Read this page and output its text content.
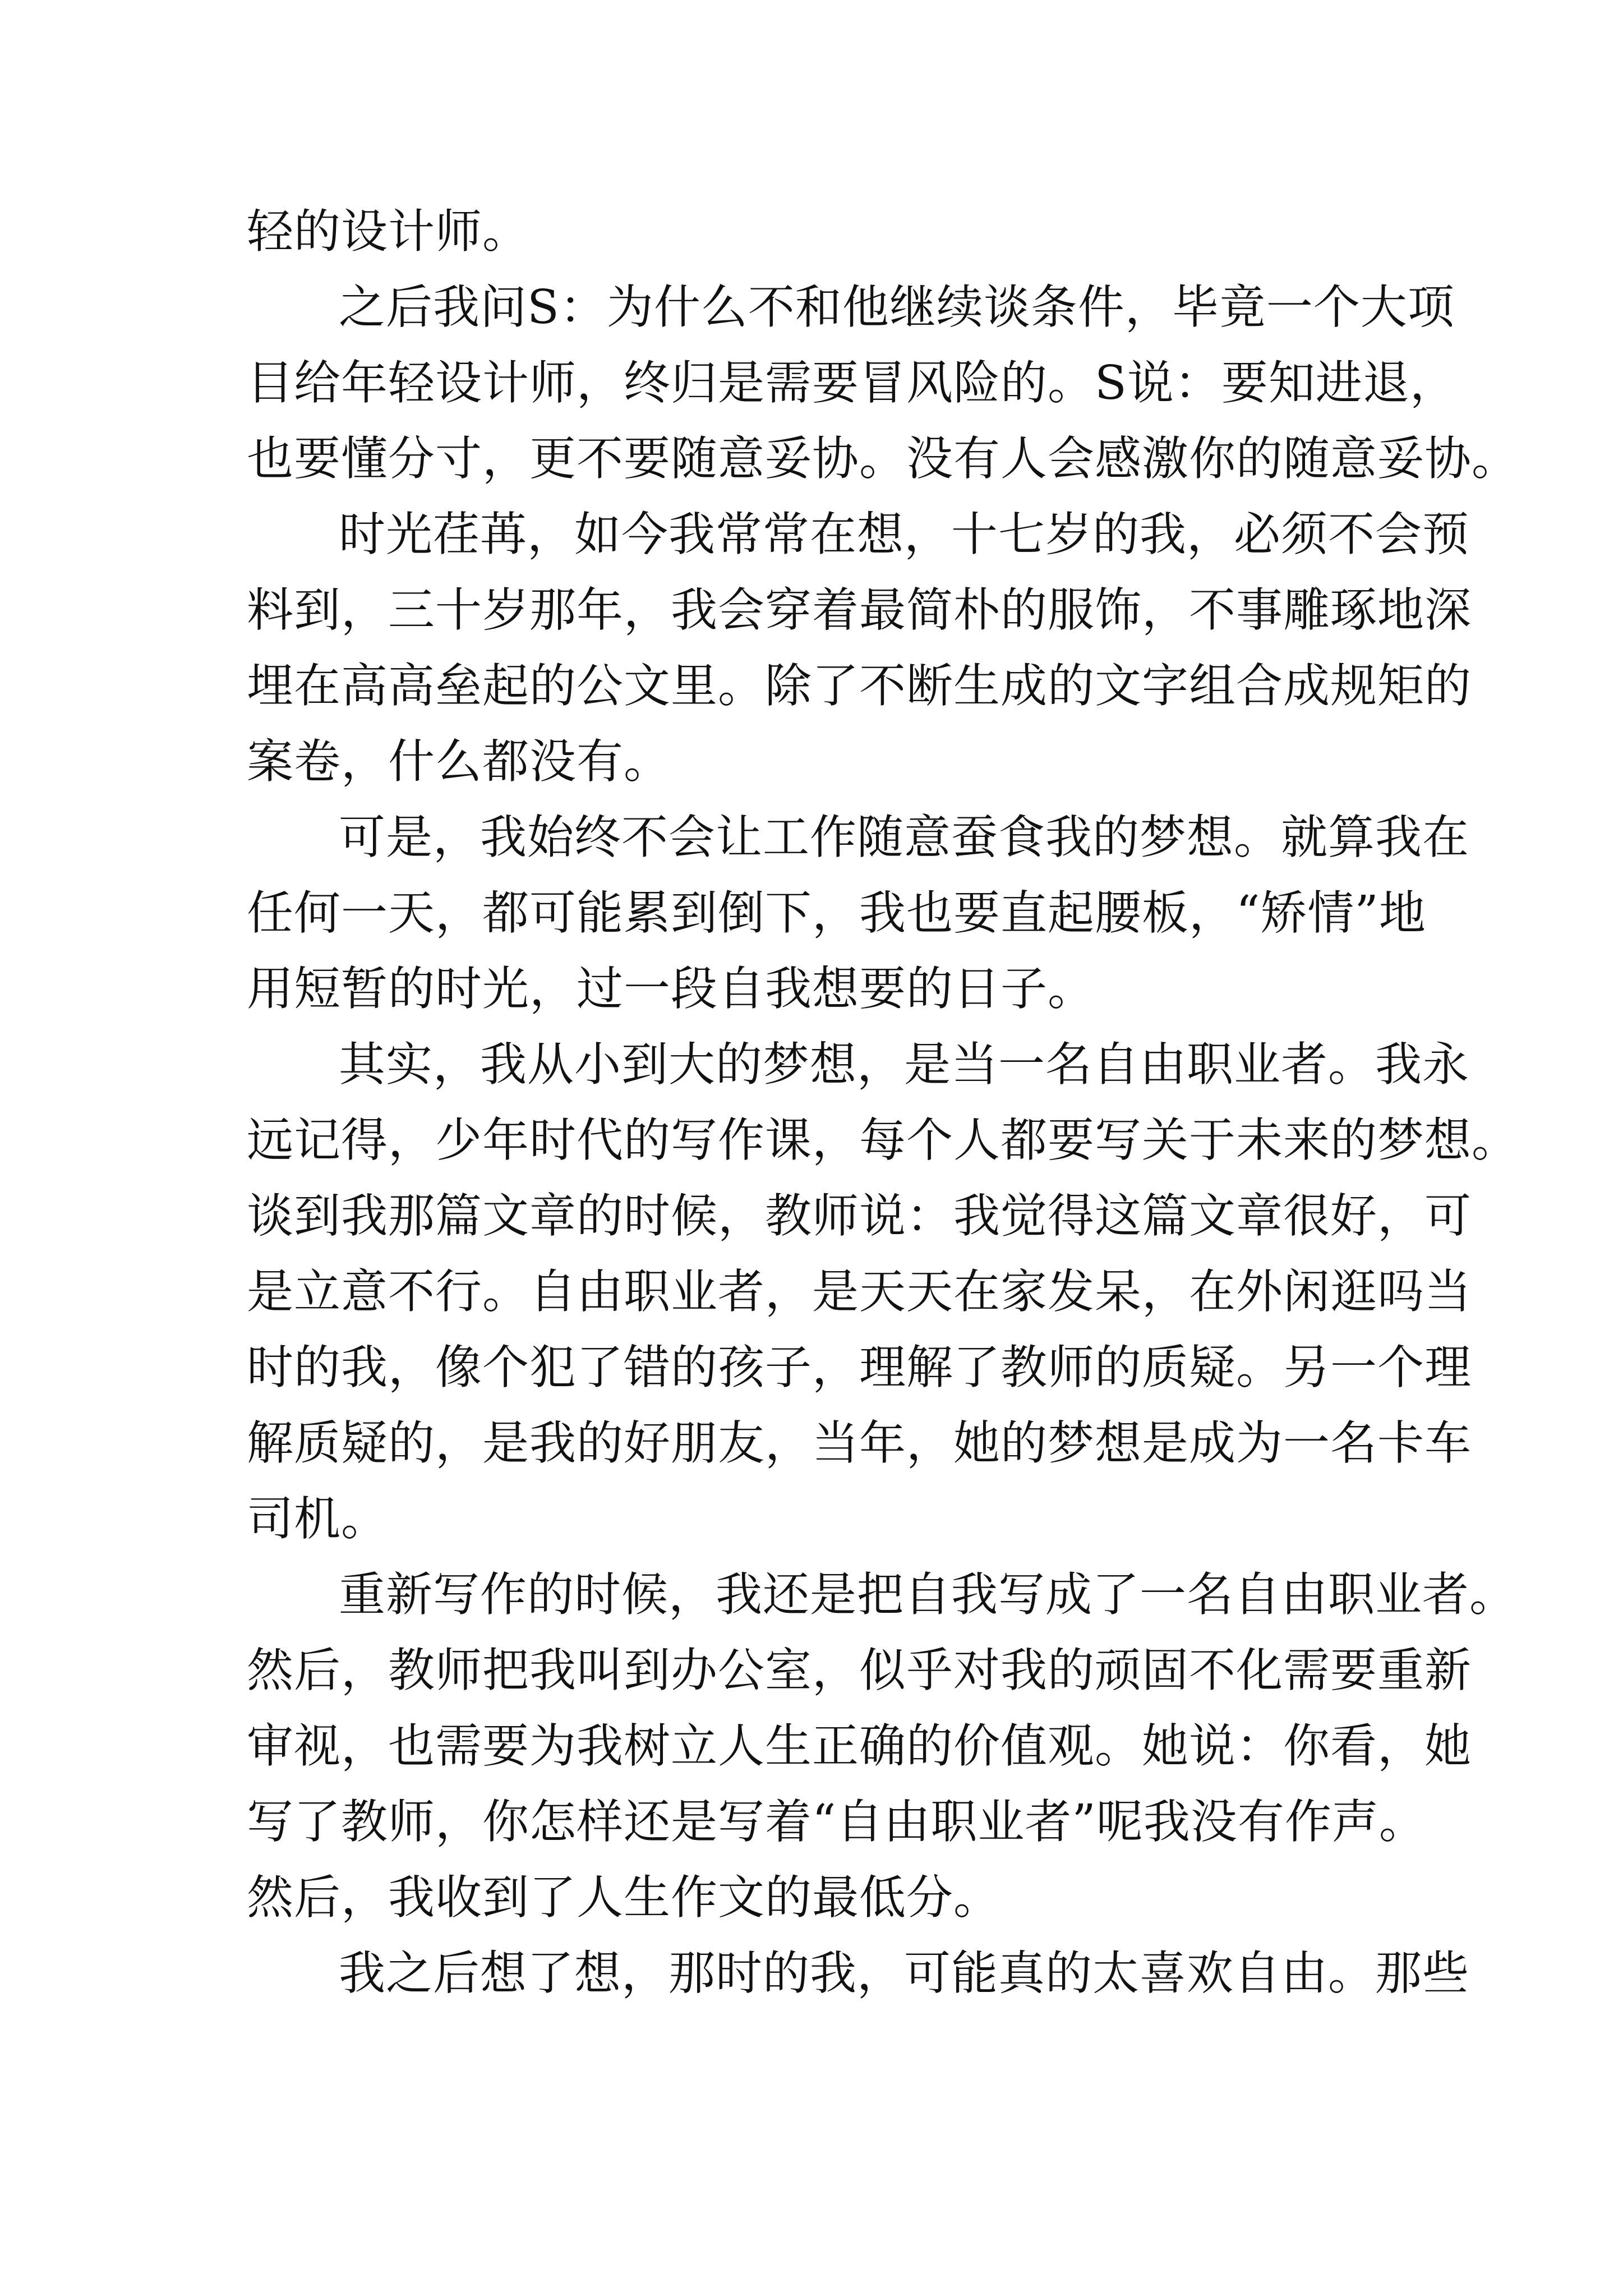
轻的设计师。
之后我问S：为什么不和他继续谈条件，毕竟一个大项
目给年轻设计师，终归是需要冒风险的。S说：要知进退，
也要懂分寸，更不要随意妥协。没有人会感激你的随意妥协。
时光荏苒，如今我常常在想，十七岁的我，必须不会预
料到，三十岁那年，我会穿着最简朴的服饰，不事雕琢地深
埋在高高垒起的公文里。除了不断生成的文字组合成规矩的
案卷，什么都没有。
可是，我始终不会让工作随意蚕食我的梦想。就算我在
任何一天，都可能累到倒下，我也要直起腰板，“矫情”地
用短暂的时光，过一段自我想要的日子。
其实，我从小到大的梦想，是当一名自由职业者。我永
远记得，少年时代的写作课，每个人都要写关于未来的梦想。
谈到我那篇文章的时候，教师说：我觉得这篇文章很好，可
是立意不行。自由职业者，是天天在家发呆，在外闲逛吗当
时的我，像个犯了错的孩子，理解了教师的质疑。另一个理
解质疑的，是我的好朋友，当年，她的梦想是成为一名卡车
司机。
重新写作的时候，我还是把自我写成了一名自由职业者。
然后，教师把我叫到办公室，似乎对我的顽固不化需要重新
审视，也需要为我树立人生正确的价值观。她说：你看，她
写了教师，你怎样还是写着“自由职业者”呢我没有作声。
然后，我收到了人生作文的最低分。
我之后想了想，那时的我，可能真的太喜欢自由。那些
